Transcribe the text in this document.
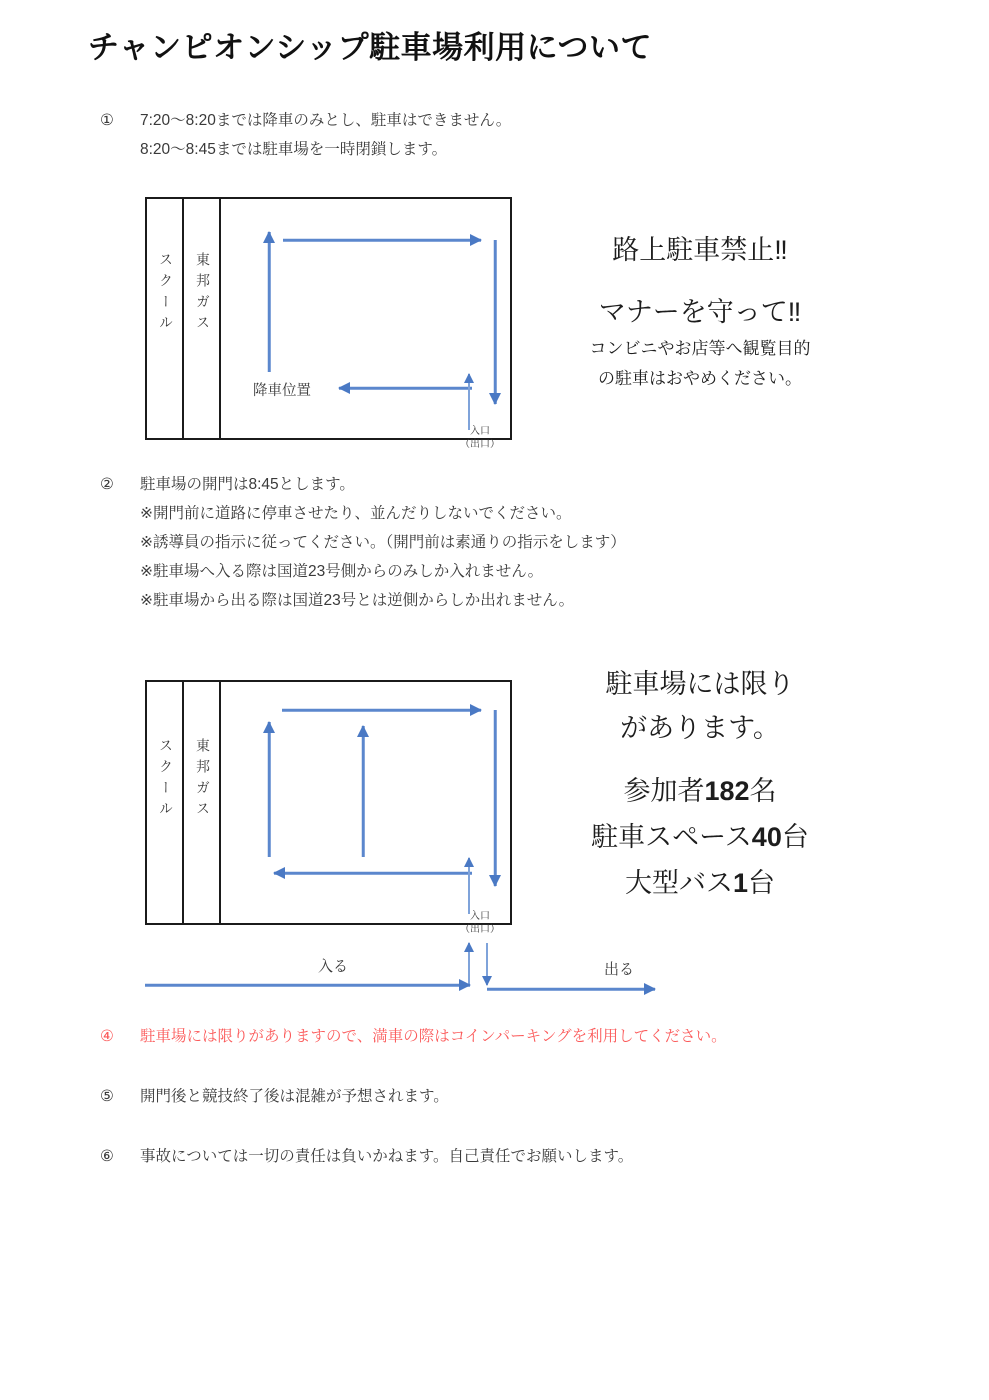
チャンピオンシップ駐車場利用について
①	7:20〜8:20までは降車のみとし、駐車はできません。
8:20〜8:45までは駐車場を一時閉鎖します。
スクール 東邦ガス
降車位置
入口
（出口）
路上駐車禁止‼
マナーを守って‼
コンビニやお店等へ観覧目的
の駐車はおやめください。
②	駐車場の開門は8:45とします。
※開門前に道路に停車させたり、並んだりしないでください。
※誘導員の指示に従ってください。（開門前は素通りの指示をします）
※駐車場へ入る際は国道23号側からのみしか入れません。
※駐車場から出る際は国道23号とは逆側からしか出れません。
スクール 東邦ガス
入口
（出口）
入る	出る
駐車場には限り
があります。
参加者182名
駐車スペース40台
大型バス1台
④	駐車場には限りがありますので、満車の際はコインパーキングを利用してください。
⑤	開門後と競技終了後は混雑が予想されます。
⑥	事故については一切の責任は負いかねます。自己責任でお願いします。
